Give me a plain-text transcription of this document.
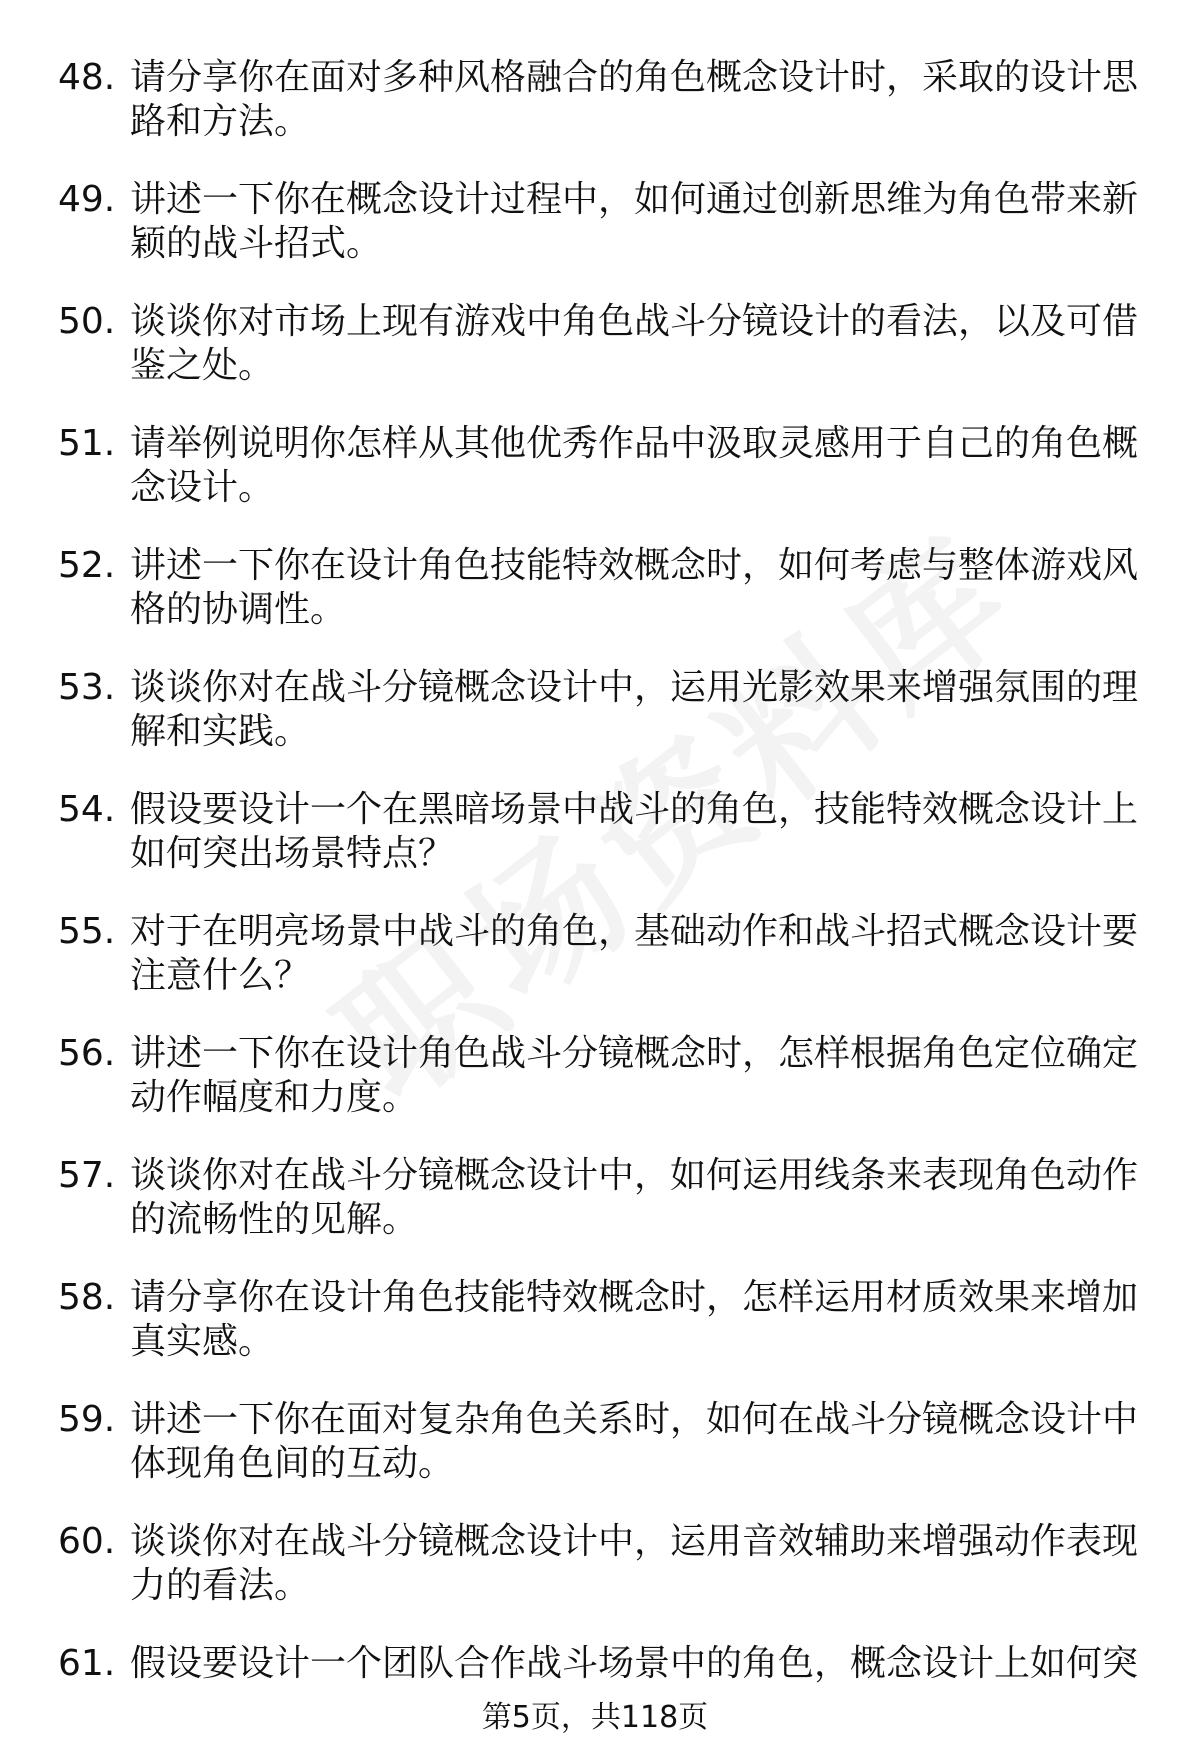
48. 请分享你在面对多种风格融合的角色概念设计时，采取的设计思路和方法。
49. 讲述一下你在概念设计过程中，如何通过创新思维为角色带来新颖的战斗招式。
50. 谈谈你对市场上现有游戏中角色战斗分镜设计的看法，以及可借鉴之处。
51. 请举例说明你怎样从其他优秀作品中汲取灵感用于自己的角色概念设计。
52. 讲述一下你在设计角色技能特效概念时，如何考虑与整体游戏风格的协调性。
53. 谈谈你对在战斗分镜概念设计中，运用光影效果来增强氛围的理解和实践。
54. 假设要设计一个在黑暗场景中战斗的角色，技能特效概念设计上如何突出场景特点？
55. 对于在明亮场景中战斗的角色，基础动作和战斗招式概念设计要注意什么？
56. 讲述一下你在设计角色战斗分镜概念时，怎样根据角色定位确定动作幅度和力度。
57. 谈谈你对在战斗分镜概念设计中，如何运用线条来表现角色动作的流畅性的见解。
58. 请分享你在设计角色技能特效概念时，怎样运用材质效果来增加真实感。
59. 讲述一下你在面对复杂角色关系时，如何在战斗分镜概念设计中体现角色间的互动。
60. 谈谈你对在战斗分镜概念设计中，运用音效辅助来增强动作表现力的看法。
61. 假设要设计一个团队合作战斗场景中的角色，概念设计上如何突
第5页，共118页
